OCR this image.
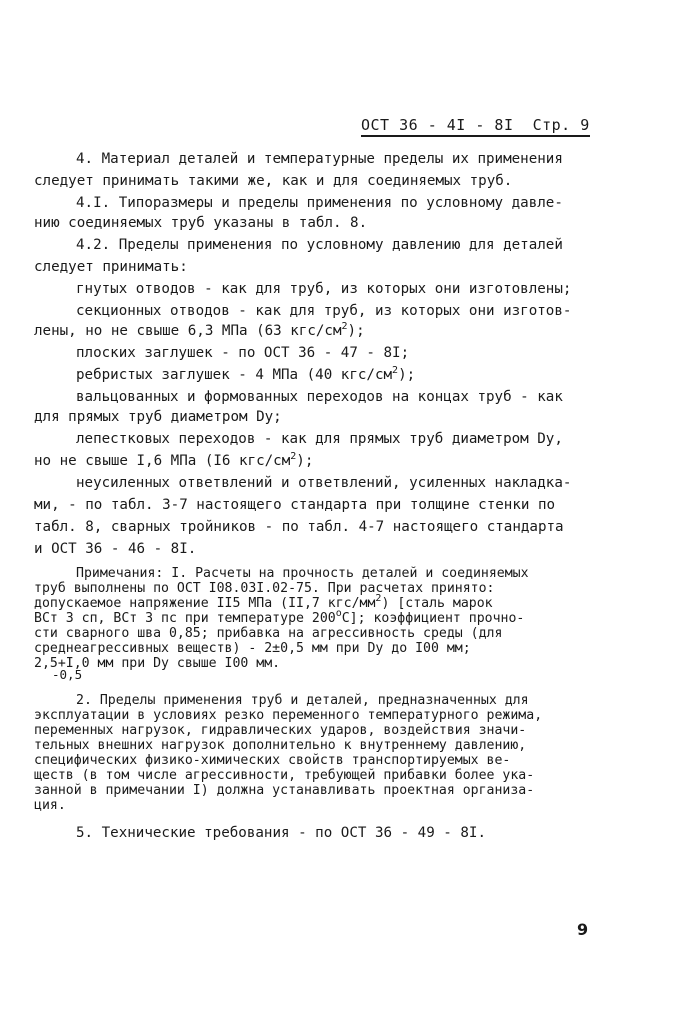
ОСТ 36 - 4I - 8I Стр. 9
4. Материал деталей и температурные пределы их применения
следует принимать такими же, как и для соединяемых труб.
4.I. Типоразмеры и пределы применения по условному давле-
нию соединяемых труб указаны в табл. 8.
4.2. Пределы применения по условному давлению для деталей
следует принимать:
гнутых отводов - как для труб, из которых они изготовлены;
секционных отводов - как для труб, из которых они изготов-
лены, но не свыше 6,3 МПа (63 кгс/$см^2$);
плоских заглушек - по ОСТ 36 - 47 - 8I;
ребристых заглушек - 4 МПа (40 кгс/$см^2$);
вальцованных и формованных переходов на концах труб - как
для прямых труб диаметром Dу;
лепестковых переходов - как для прямых труб диаметром Dу,
но не свыше I,6 МПа (I6 кгс/$см^2$);
неусиленных ответвлений и ответвлений, усиленных накладка-
ми, - по табл. 3-7 настоящего стандарта при толщине стенки по
табл. 8, сварных тройников - по табл. 4-7 настоящего стандарта
и ОСТ 36 - 46 - 8I.
Примечания: I. Расчеты на прочность деталей и соединяемых
труб выполнены по ОСТ I08.03I.02-75. При расчетах принято:
допускаемое напряжение II5 МПа (II,7 кгс/$мм^2$) [сталь марок
ВСт 3 сп, ВСт 3 пс при температуре $200^оС$]; коэффициент прочно-
сти сварного шва 0,85; прибавка на агрессивность среды (для
среднеагрессивных веществ) - 2±0,5 мм при Dу до I00 мм;
2,5+I,0 мм при Dу свыше I00 мм.
-0,5
2. Пределы применения труб и деталей, предназначенных для
эксплуатации в условиях резко переменного температурного режима,
переменных нагрузок, гидравлических ударов, воздействия значи-
тельных внешних нагрузок дополнительно к внутреннему давлению,
специфических физико-химических свойств транспортируемых ве-
ществ (в том числе агрессивности, требующей прибавки более ука-
занной в примечании I) должна устанавливать проектная организа-
ция.
5. Технические требования - по ОСТ 36 - 49 - 8I.
9
